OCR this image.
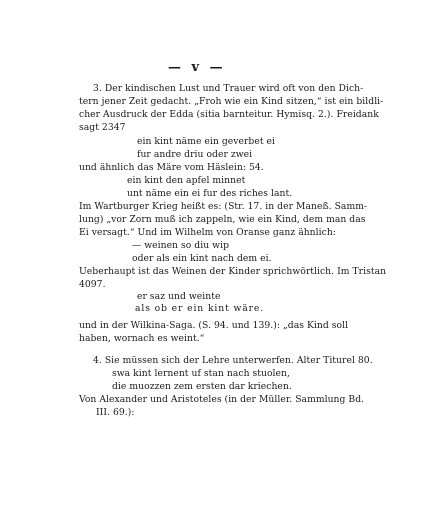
— v —
3. Der kindischen Lust und Trauer wird oft von den Dich-
tern jener Zeit gedacht. „Froh wie ein Kind sitzen,“ ist ein bildli-
cher Ausdruck der Edda (sitia barnteitur. Hymisq. 2.). Freidank
sagt 2347
ein kint näme ein geverbet ei
fur andre driu oder zwei
und ähnlich das Märe vom Häslein: 54.
ein kint den apfel minnet
unt näme ein ei fur des riches lant.
Im Wartburger Krieg heißt es: (Str. 17. in der Maneß. Samm-
lung) „vor Zorn muß ich zappeln, wie ein Kind, dem man das
Ei versagt.“ Und im Wilhelm von Oranse ganz ähnlich:
— weinen so diu wip
oder als ein kint nach dem ei.
Ueberhaupt ist das Weinen der Kinder sprichwörtlich. Im Tristan
4097.
er saz und weinte
als ob er ein kint wäre.
und in der Wilkina-Saga. (S. 94. und 139.): „das Kind soll
haben, wornach es weint.“
4. Sie müssen sich der Lehre unterwerfen. Alter Titurel 80.
swa kint lernent uf stan nach stuolen,
die muozzen zem ersten dar kriechen.
Von Alexander und Aristoteles (in der Müller. Sammlung Bd.
III. 69.):
